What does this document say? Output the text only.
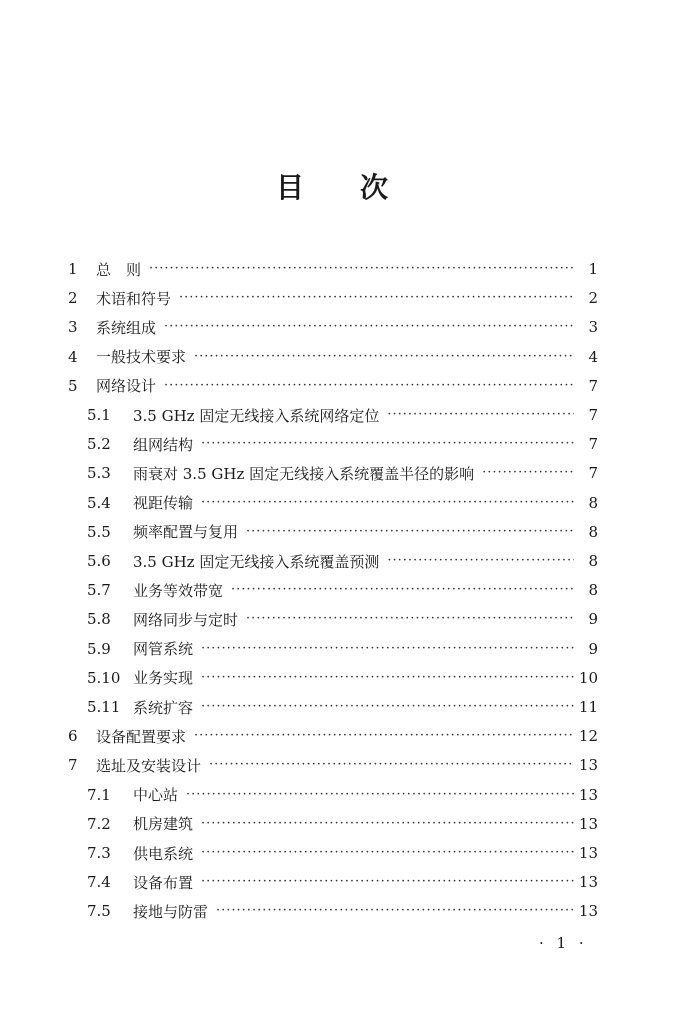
目 次
1	总　则 ·····	1
2	术语和符号 ·····	2
3	系统组成 ·····	3
4	一般技术要求 ·····	4
5	网络设计 ·····	7
5.1	3.5 GHz 固定无线接入系统网络定位 ·····	7
5.2	组网结构 ·····	7
5.3	雨衰对 3.5 GHz 固定无线接入系统覆盖半径的影响 ·····	7
5.4	视距传输 ·····	8
5.5	频率配置与复用 ·····	8
5.6	3.5 GHz 固定无线接入系统覆盖预测 ·····	8
5.7	业务等效带宽 ·····	8
5.8	网络同步与定时 ·····	9
5.9	网管系统 ·····	9
5.10 业务实现 ·····	10
5.11 系统扩容 ·····	11
6	设备配置要求 ·····	12
7	选址及安装设计 ·····	13
7.1	中心站 ·····	13
7.2	机房建筑 ·····	13
7.3	供电系统 ·····	13
7.4	设备布置 ·····	13
7.5	接地与防雷 ·····	13
· 1 ·
